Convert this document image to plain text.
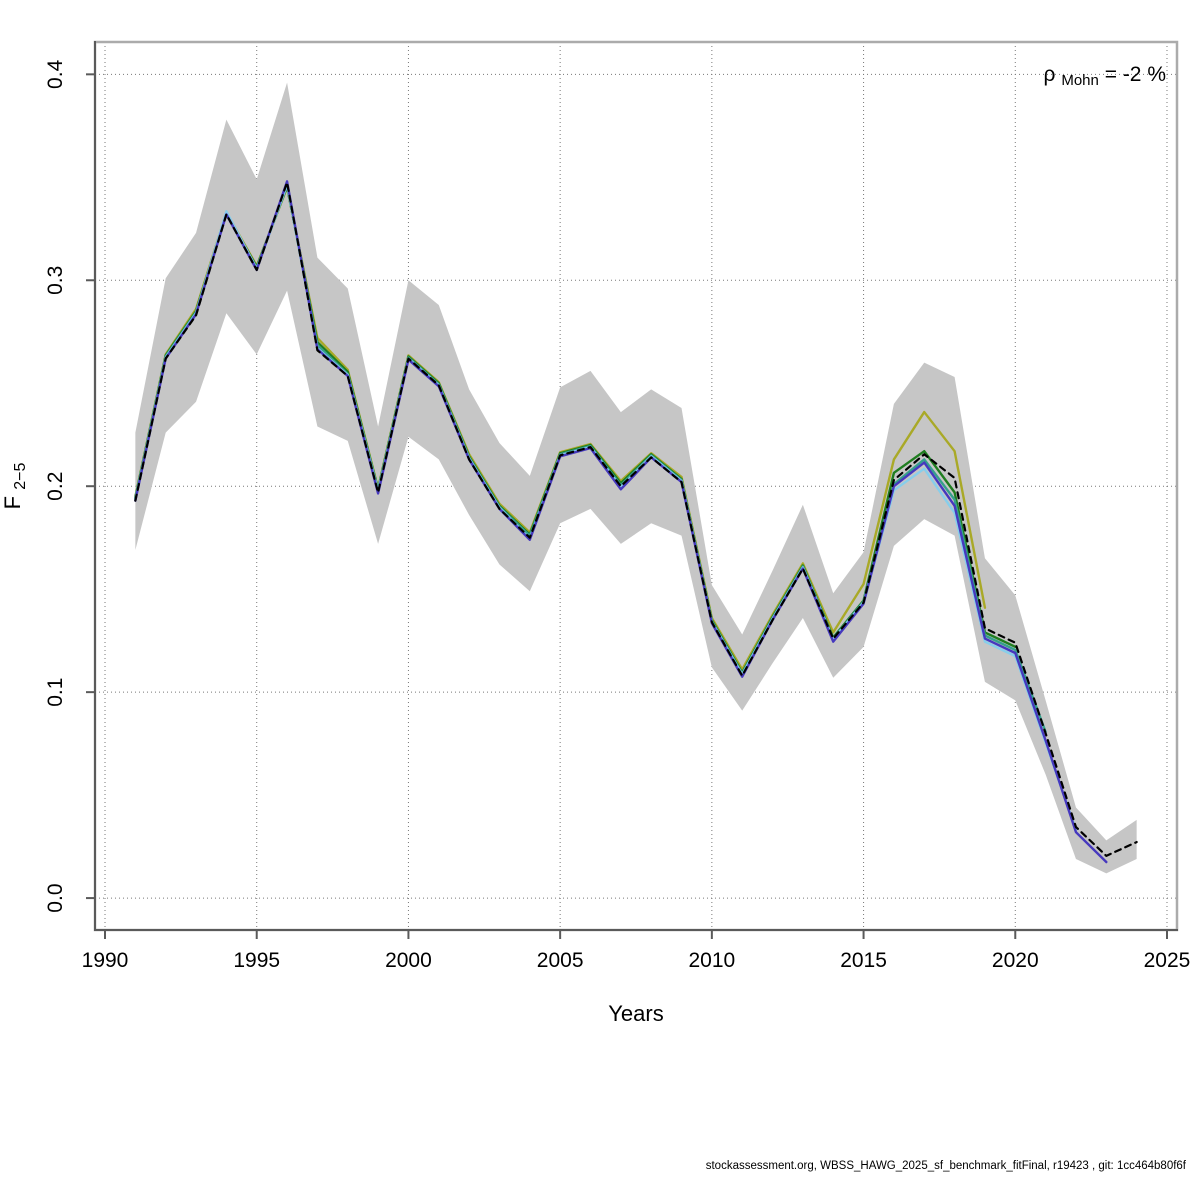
1990	1995	2000	2005	2010	2015	2020	2025
0.0
0.1
0.2
0.3
0.4
Years
F $_{2-5}$
ρ Mohn = -2 %
stockassessment.org, WBSS_HAWG_2025_sf_benchmark_fitFinal, r19423 , git: 1cc464b80f6f
